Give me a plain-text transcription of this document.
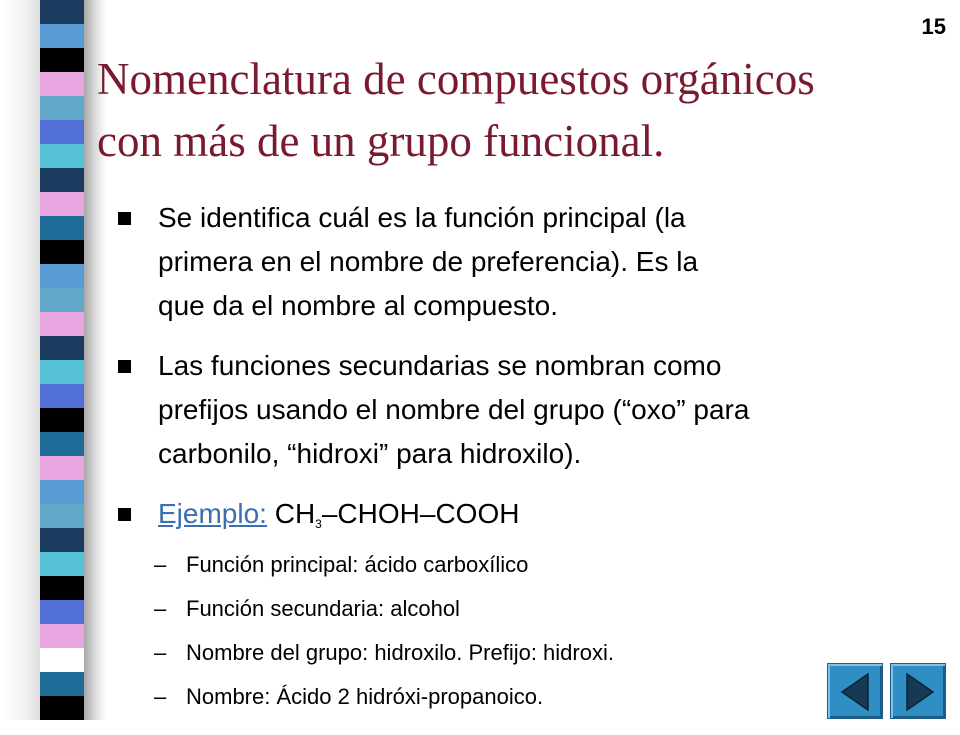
15
Nomenclatura de compuestos orgánicos
con más de un grupo funcional.
Se identifica cuál es la función principal (la
primera en el nombre de preferencia). Es la
que da el nombre al compuesto.
Las funciones secundarias se nombran como
prefijos usando el nombre del grupo (“oxo” para
carbonilo, “hidroxi” para hidroxilo).
Ejemplo: CH3–CHOH–COOH
– Función principal: ácido carboxílico
– Función secundaria: alcohol
– Nombre del grupo: hidroxilo. Prefijo: hidroxi.
– Nombre: Ácido 2 hidróxi-propanoico.
